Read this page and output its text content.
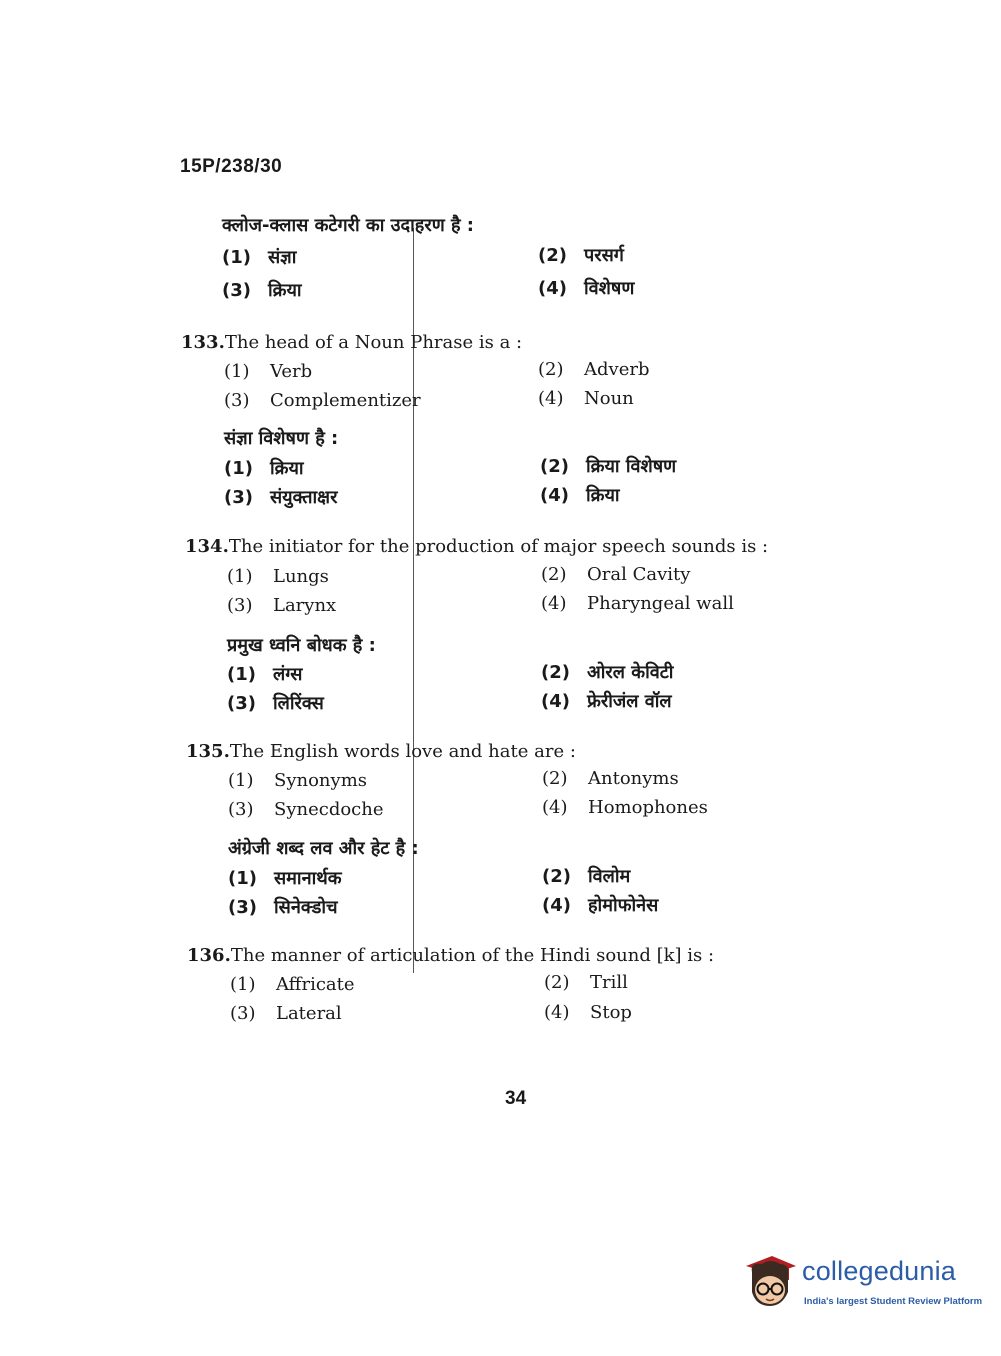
15P/238/30
क्लोज-क्लास कटेगरी का उदाहरण है :
(1) संज्ञा	(2) परसर्ग
(3) क्रिया	(4) विशेषण
133.The head of a Noun Phrase is a :
(1) Verb	(2) Adverb
(3) Complementizer	(4) Noun
संज्ञा विशेषण है :
(1) क्रिया	(2) क्रिया विशेषण
(3) संयुक्ताक्षर	(4) क्रिया
134.The initiator for the production of major speech sounds is :
(1) Lungs	(2) Oral Cavity
(3) Larynx	(4) Pharyngeal wall
प्रमुख ध्वनि बोधक है :
(1) लंग्स	(2) ओरल केविटी
(3) लिरिंक्स	(4) फ्रेरीजंल वॉल
135.The English words love and hate are :
(1) Synonyms	(2) Antonyms
(3) Synecdoche	(4) Homophones
अंग्रेजी शब्द लव और हेट है :
(1) समानार्थक	(2) विलोम
(3) सिनेक्डोच	(4) होमोफोनेस
136.The manner of articulation of the Hindi sound [k] is :
(1) Affricate	(2) Trill
(3) Lateral	(4) Stop
34
collegedunia
India's largest Student Review Platform
